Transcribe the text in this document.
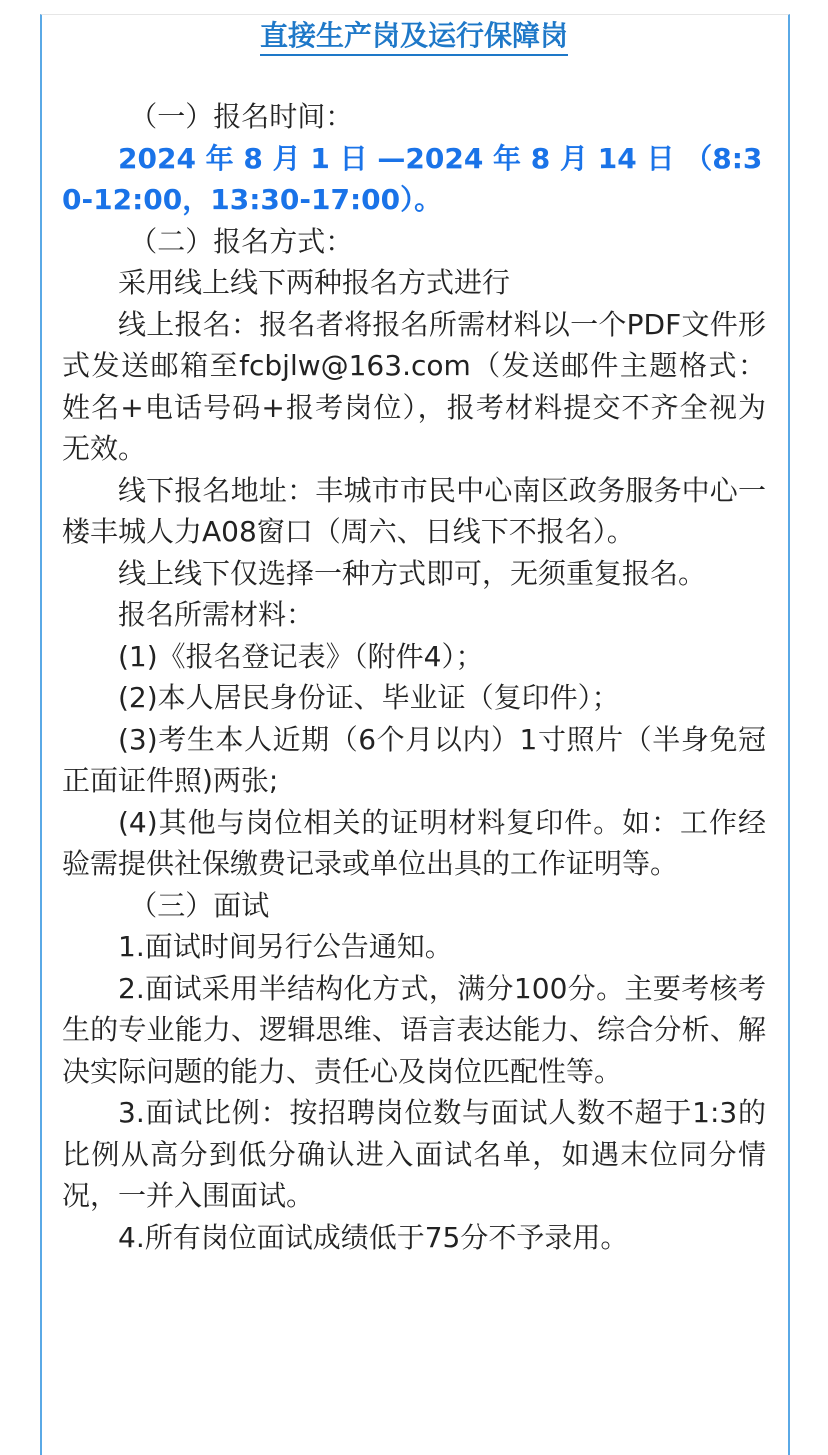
直接生产岗及运行保障岗

（一）报名时间：

2024 年 8 月 1 日 —2024 年 8 月 14 日 （8:30-12:00，13:30-17:00）。

（二）报名方式：

采用线上线下两种报名方式进行

线上报名：报名者将报名所需材料以一个PDF文件形式发送邮箱至fcbjlw@163.com（发送邮件主题格式：姓名+电话号码+报考岗位），报考材料提交不齐全视为无效。

线下报名地址：丰城市市民中心南区政务服务中心一楼丰城人力A08窗口（周六、日线下不报名）。

线上线下仅选择一种方式即可，无须重复报名。

报名所需材料：

(1)《报名登记表》（附件4）；

(2)本人居民身份证、毕业证（复印件）；

(3)考生本人近期（6个月以内）1寸照片（半身免冠正面证件照)两张;

(4)其他与岗位相关的证明材料复印件。如：工作经验需提供社保缴费记录或单位出具的工作证明等。

（三）面试

1.面试时间另行公告通知。

2.面试采用半结构化方式，满分100分。主要考核考生的专业能力、逻辑思维、语言表达能力、综合分析、解决实际问题的能力、责任心及岗位匹配性等。

3.面试比例：按招聘岗位数与面试人数不超于1:3的比例从高分到低分确认进入面试名单，如遇末位同分情况，一并入围面试。

4.所有岗位面试成绩低于75分不予录用。
